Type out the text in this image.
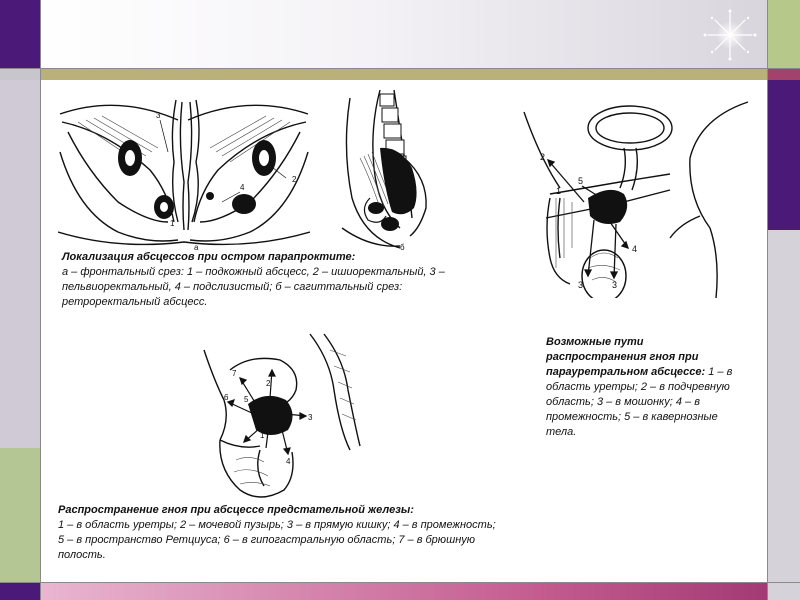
3
1
2
4
а	б
2
5
1
4
3	3
7
2
5
6
3
4
1

Локализация абсцессов при остром парапроктите:
а – фронтальный срез: 1 – подкожный абсцесс, 2 – ишиоректальный, 3 – пельвиоректальный, 4 – подслизистый; б – сагиттальный срез: ретроректальный абсцесс.

Возможные пути распространения гноя при парауретральном абсцессе: 1 – в область уретры; 2 – в подчревную область; 3 – в мошонку; 4 – в промежность; 5 – в кавернозные тела.

Распространение гноя при абсцессе предстательной железы:
1 – в область уретры; 2 – мочевой пузырь; 3 – в прямую кишку; 4 – в промежность; 5 – в пространство Ретциуса; 6 – в гипогастральную область; 7 – в брюшную полость.
